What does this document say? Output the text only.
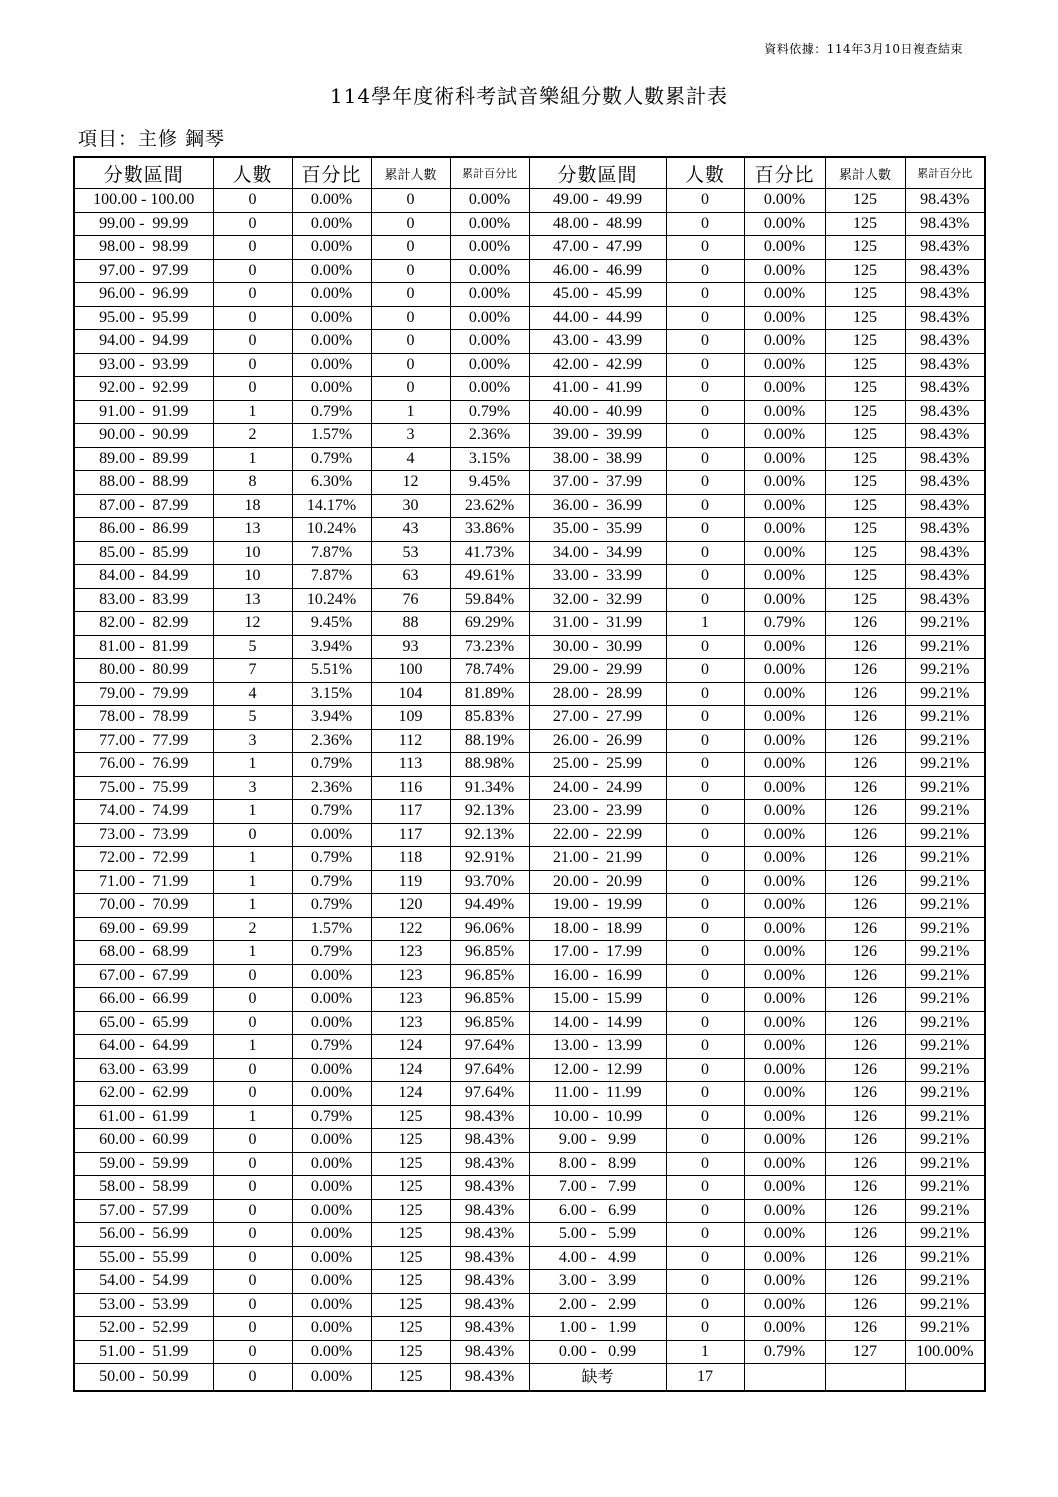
資料依據：114年3月10日複查結束
114學年度術科考試音樂組分數人數累計表
項目：主修 鋼琴
分數區間	人數	百分比	累計人數	累計百分比	分數區間	人數	百分比	累計人數	累計百分比
100.00 - 100.00	0	0.00%	0	0.00%	49.00 -  49.99	0	0.00%	125	98.43%
99.00 -  99.99	0	0.00%	0	0.00%	48.00 -  48.99	0	0.00%	125	98.43%
98.00 -  98.99	0	0.00%	0	0.00%	47.00 -  47.99	0	0.00%	125	98.43%
97.00 -  97.99	0	0.00%	0	0.00%	46.00 -  46.99	0	0.00%	125	98.43%
96.00 -  96.99	0	0.00%	0	0.00%	45.00 -  45.99	0	0.00%	125	98.43%
95.00 -  95.99	0	0.00%	0	0.00%	44.00 -  44.99	0	0.00%	125	98.43%
94.00 -  94.99	0	0.00%	0	0.00%	43.00 -  43.99	0	0.00%	125	98.43%
93.00 -  93.99	0	0.00%	0	0.00%	42.00 -  42.99	0	0.00%	125	98.43%
92.00 -  92.99	0	0.00%	0	0.00%	41.00 -  41.99	0	0.00%	125	98.43%
91.00 -  91.99	1	0.79%	1	0.79%	40.00 -  40.99	0	0.00%	125	98.43%
90.00 -  90.99	2	1.57%	3	2.36%	39.00 -  39.99	0	0.00%	125	98.43%
89.00 -  89.99	1	0.79%	4	3.15%	38.00 -  38.99	0	0.00%	125	98.43%
88.00 -  88.99	8	6.30%	12	9.45%	37.00 -  37.99	0	0.00%	125	98.43%
87.00 -  87.99	18	14.17%	30	23.62%	36.00 -  36.99	0	0.00%	125	98.43%
86.00 -  86.99	13	10.24%	43	33.86%	35.00 -  35.99	0	0.00%	125	98.43%
85.00 -  85.99	10	7.87%	53	41.73%	34.00 -  34.99	0	0.00%	125	98.43%
84.00 -  84.99	10	7.87%	63	49.61%	33.00 -  33.99	0	0.00%	125	98.43%
83.00 -  83.99	13	10.24%	76	59.84%	32.00 -  32.99	0	0.00%	125	98.43%
82.00 -  82.99	12	9.45%	88	69.29%	31.00 -  31.99	1	0.79%	126	99.21%
81.00 -  81.99	5	3.94%	93	73.23%	30.00 -  30.99	0	0.00%	126	99.21%
80.00 -  80.99	7	5.51%	100	78.74%	29.00 -  29.99	0	0.00%	126	99.21%
79.00 -  79.99	4	3.15%	104	81.89%	28.00 -  28.99	0	0.00%	126	99.21%
78.00 -  78.99	5	3.94%	109	85.83%	27.00 -  27.99	0	0.00%	126	99.21%
77.00 -  77.99	3	2.36%	112	88.19%	26.00 -  26.99	0	0.00%	126	99.21%
76.00 -  76.99	1	0.79%	113	88.98%	25.00 -  25.99	0	0.00%	126	99.21%
75.00 -  75.99	3	2.36%	116	91.34%	24.00 -  24.99	0	0.00%	126	99.21%
74.00 -  74.99	1	0.79%	117	92.13%	23.00 -  23.99	0	0.00%	126	99.21%
73.00 -  73.99	0	0.00%	117	92.13%	22.00 -  22.99	0	0.00%	126	99.21%
72.00 -  72.99	1	0.79%	118	92.91%	21.00 -  21.99	0	0.00%	126	99.21%
71.00 -  71.99	1	0.79%	119	93.70%	20.00 -  20.99	0	0.00%	126	99.21%
70.00 -  70.99	1	0.79%	120	94.49%	19.00 -  19.99	0	0.00%	126	99.21%
69.00 -  69.99	2	1.57%	122	96.06%	18.00 -  18.99	0	0.00%	126	99.21%
68.00 -  68.99	1	0.79%	123	96.85%	17.00 -  17.99	0	0.00%	126	99.21%
67.00 -  67.99	0	0.00%	123	96.85%	16.00 -  16.99	0	0.00%	126	99.21%
66.00 -  66.99	0	0.00%	123	96.85%	15.00 -  15.99	0	0.00%	126	99.21%
65.00 -  65.99	0	0.00%	123	96.85%	14.00 -  14.99	0	0.00%	126	99.21%
64.00 -  64.99	1	0.79%	124	97.64%	13.00 -  13.99	0	0.00%	126	99.21%
63.00 -  63.99	0	0.00%	124	97.64%	12.00 -  12.99	0	0.00%	126	99.21%
62.00 -  62.99	0	0.00%	124	97.64%	11.00 -  11.99	0	0.00%	126	99.21%
61.00 -  61.99	1	0.79%	125	98.43%	10.00 -  10.99	0	0.00%	126	99.21%
60.00 -  60.99	0	0.00%	125	98.43%	9.00 -   9.99	0	0.00%	126	99.21%
59.00 -  59.99	0	0.00%	125	98.43%	8.00 -   8.99	0	0.00%	126	99.21%
58.00 -  58.99	0	0.00%	125	98.43%	7.00 -   7.99	0	0.00%	126	99.21%
57.00 -  57.99	0	0.00%	125	98.43%	6.00 -   6.99	0	0.00%	126	99.21%
56.00 -  56.99	0	0.00%	125	98.43%	5.00 -   5.99	0	0.00%	126	99.21%
55.00 -  55.99	0	0.00%	125	98.43%	4.00 -   4.99	0	0.00%	126	99.21%
54.00 -  54.99	0	0.00%	125	98.43%	3.00 -   3.99	0	0.00%	126	99.21%
53.00 -  53.99	0	0.00%	125	98.43%	2.00 -   2.99	0	0.00%	126	99.21%
52.00 -  52.99	0	0.00%	125	98.43%	1.00 -   1.99	0	0.00%	126	99.21%
51.00 -  51.99	0	0.00%	125	98.43%	0.00 -   0.99	1	0.79%	127	100.00%
50.00 -  50.99	0	0.00%	125	98.43%	缺考	17			
